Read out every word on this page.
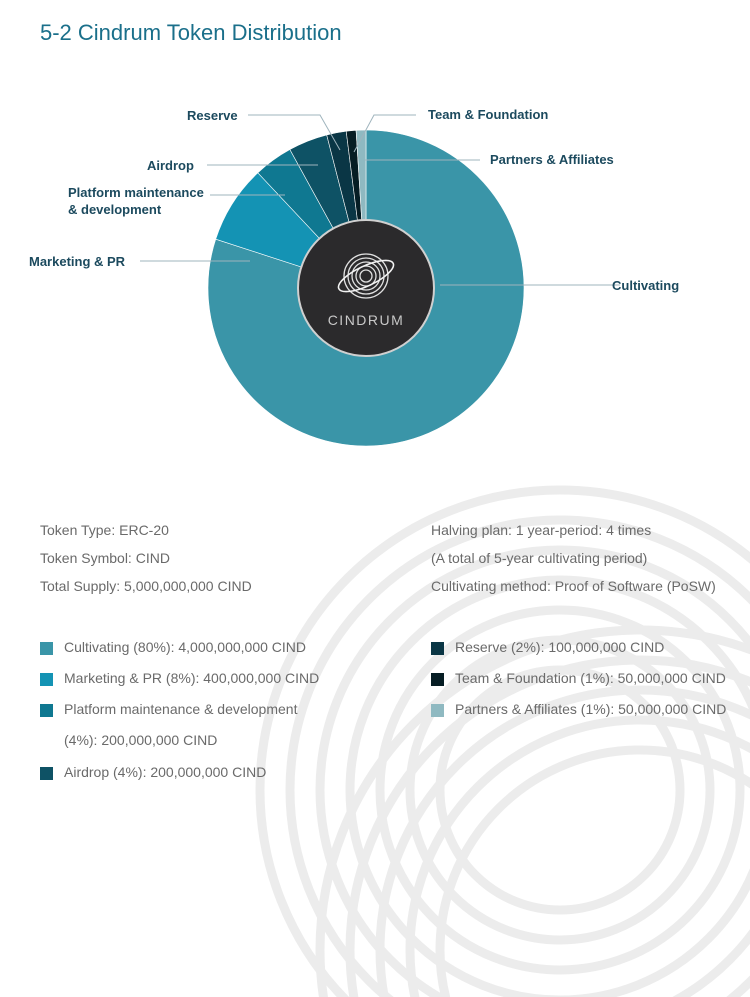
5-2 Cindrum Token Distribution
CINDRUM
Cultivating
Marketing & PR
Platform maintenance & development
Airdrop
Reserve	Team & Foundation
Partners & Affiliates
Token Type: ERC-20
Token Symbol: CIND
Total Supply: 5,000,000,000 CIND
Halving plan: 1 year-period: 4 times
(A total of 5-year cultivating period)
Cultivating method: Proof of Software (PoSW)
Cultivating (80%): 4,000,000,000 CIND
Marketing & PR (8%): 400,000,000 CIND
Platform maintenance & development (4%): 200,000,000 CIND
Airdrop (4%): 200,000,000 CIND
Reserve (2%): 100,000,000 CIND
Team & Foundation (1%): 50,000,000 CIND
Partners & Affiliates (1%): 50,000,000 CIND
